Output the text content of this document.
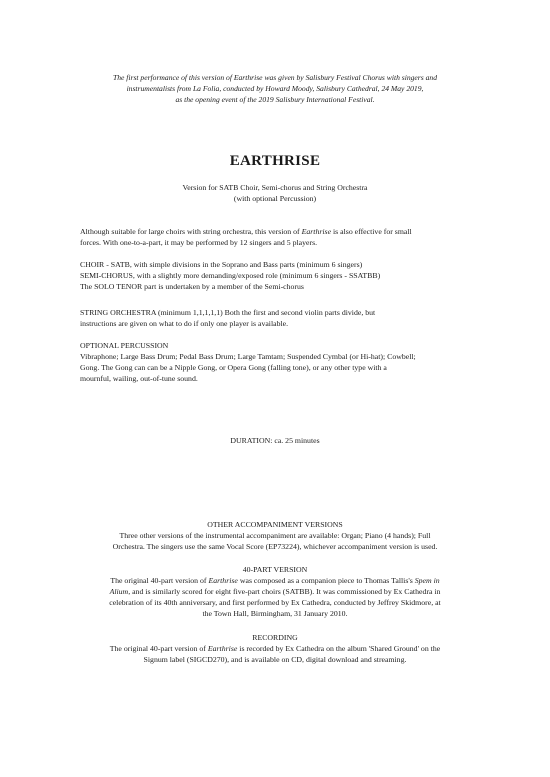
The first performance of this version of Earthrise was given by Salisbury Festival Chorus with singers and
instrumentalists from La Folia, conducted by Howard Moody, Salisbury Cathedral, 24 May 2019,
as the opening event of the 2019 Salisbury International Festival.
EARTHRISE
Version for SATB Choir, Semi-chorus and String Orchestra
(with optional Percussion)
Although suitable for large choirs with string orchestra, this version of Earthrise is also effective for small
forces. With one-to-a-part, it may be performed by 12 singers and 5 players.
CHOIR - SATB, with simple divisions in the Soprano and Bass parts (minimum 6 singers)
SEMI-CHORUS, with a slightly more demanding/exposed role (minimum 6 singers - SSATBB)
The SOLO TENOR part is undertaken by a member of the Semi-chorus
STRING ORCHESTRA (minimum 1,1,1,1,1) Both the first and second violin parts divide, but
instructions are given on what to do if only one player is available.
OPTIONAL PERCUSSION
Vibraphone; Large Bass Drum; Pedal Bass Drum; Large Tamtam; Suspended Cymbal (or Hi-hat); Cowbell;
Gong. The Gong can can be a Nipple Gong, or Opera Gong (falling tone), or any other type with a
mournful, wailing, out-of-tune sound.
DURATION: ca. 25 minutes
OTHER ACCOMPANIMENT VERSIONS
Three other versions of the instrumental accompaniment are available: Organ; Piano (4 hands); Full
Orchestra. The singers use the same Vocal Score (EP73224), whichever accompaniment version is used.
40-PART VERSION
The original 40-part version of Earthrise was composed as a companion piece to Thomas Tallis's Spem in
Alium, and is similarly scored for eight five-part choirs (SATBB). It was commissioned by Ex Cathedra in
celebration of its 40th anniversary, and first performed by Ex Cathedra, conducted by Jeffrey Skidmore, at
the Town Hall, Birmingham, 31 January 2010.
RECORDING
The original 40-part version of Earthrise is recorded by Ex Cathedra on the album 'Shared Ground' on the
Signum label (SIGCD270), and is available on CD, digital download and streaming.
